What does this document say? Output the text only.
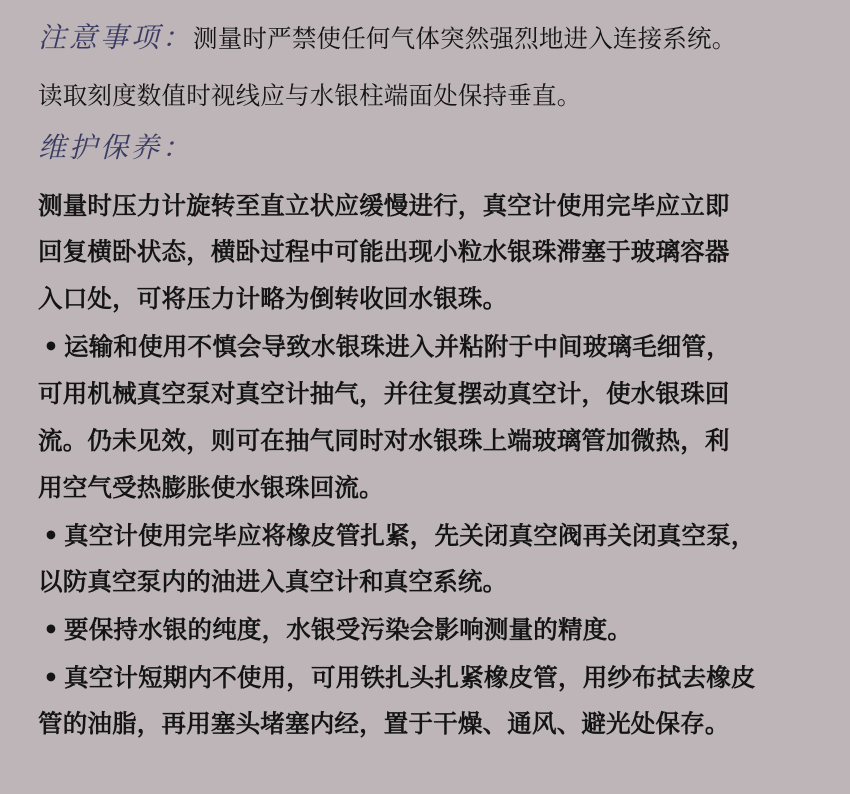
注意事项：测量时严禁使任何气体突然强烈地进入连接系统。
读取刻度数值时视线应与水银柱端面处保持垂直。
维护保养：
测量时压力计旋转至直立状应缓慢进行，真空计使用完毕应立即
回复横卧状态，横卧过程中可能出现小粒水银珠滞塞于玻璃容器
入口处，可将压力计略为倒转收回水银珠。
• 运输和使用不慎会导致水银珠进入并粘附于中间玻璃毛细管，
可用机械真空泵对真空计抽气，并往复摆动真空计，使水银珠回
流。仍未见效，则可在抽气同时对水银珠上端玻璃管加微热，利
用空气受热膨胀使水银珠回流。
• 真空计使用完毕应将橡皮管扎紧，先关闭真空阀再关闭真空泵，
以防真空泵内的油进入真空计和真空系统。
• 要保持水银的纯度，水银受污染会影响测量的精度。
• 真空计短期内不使用，可用铁扎头扎紧橡皮管，用纱布拭去橡皮
管的油脂，再用塞头堵塞内经，置于干燥、通风、避光处保存。
